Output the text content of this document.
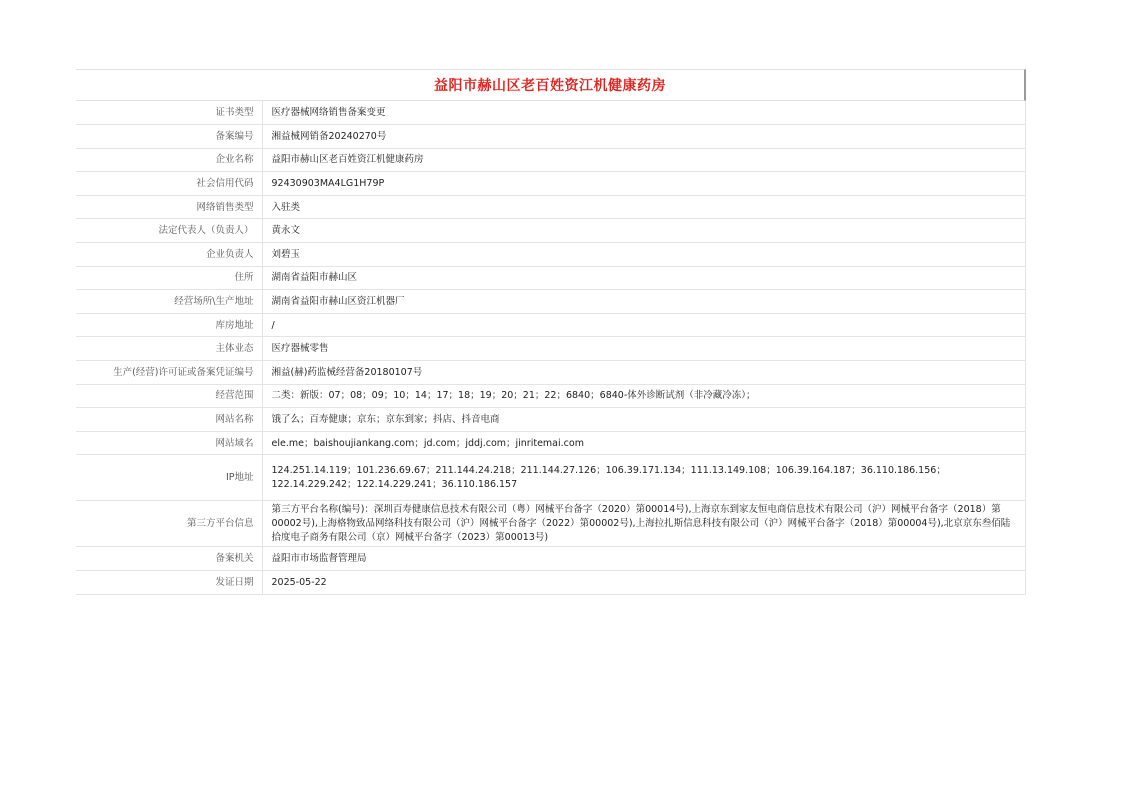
益阳市赫山区老百姓资江机健康药房
证书类型	医疗器械网络销售备案变更
备案编号	湘益械网销备20240270号
企业名称	益阳市赫山区老百姓资江机健康药房
社会信用代码	92430903MA4LG1H79P
网络销售类型	入驻类
法定代表人（负责人）	黄永文
企业负责人	刘碧玉
住所	湖南省益阳市赫山区
经营场所\生产地址	湖南省益阳市赫山区资江机器厂
库房地址	/
主体业态	医疗器械零售
生产(经营)许可证或备案凭证编号	湘益(赫)药监械经营备20180107号
经营范围	二类：新版：07；08；09；10；14；17；18；19；20；21；22；6840；6840-体外诊断试剂（非冷藏冷冻）；
网站名称	饿了么；百寿健康；京东；京东到家；抖店、抖音电商
网站域名	ele.me；baishoujiankang.com；jd.com；jddj.com；jinritemai.com
IP地址	124.251.14.119；101.236.69.67；211.144.24.218；211.144.27.126；106.39.171.134；111.13.149.108；106.39.164.187；36.110.186.156；122.14.229.242；122.14.229.241；36.110.186.157
第三方平台信息	第三方平台名称(编号)：深圳百寿健康信息技术有限公司（粤）网械平台备字（2020）第00014号),上海京东到家友恒电商信息技术有限公司（沪）网械平台备字（2018）第00002号),上海格物致品网络科技有限公司（沪）网械平台备字（2022）第00002号),上海拉扎斯信息科技有限公司（沪）网械平台备字（2018）第00004号),北京京东叁佰陆拾度电子商务有限公司（京）网械平台备字（2023）第00013号)
备案机关	益阳市市场监督管理局
发证日期	2025-05-22
